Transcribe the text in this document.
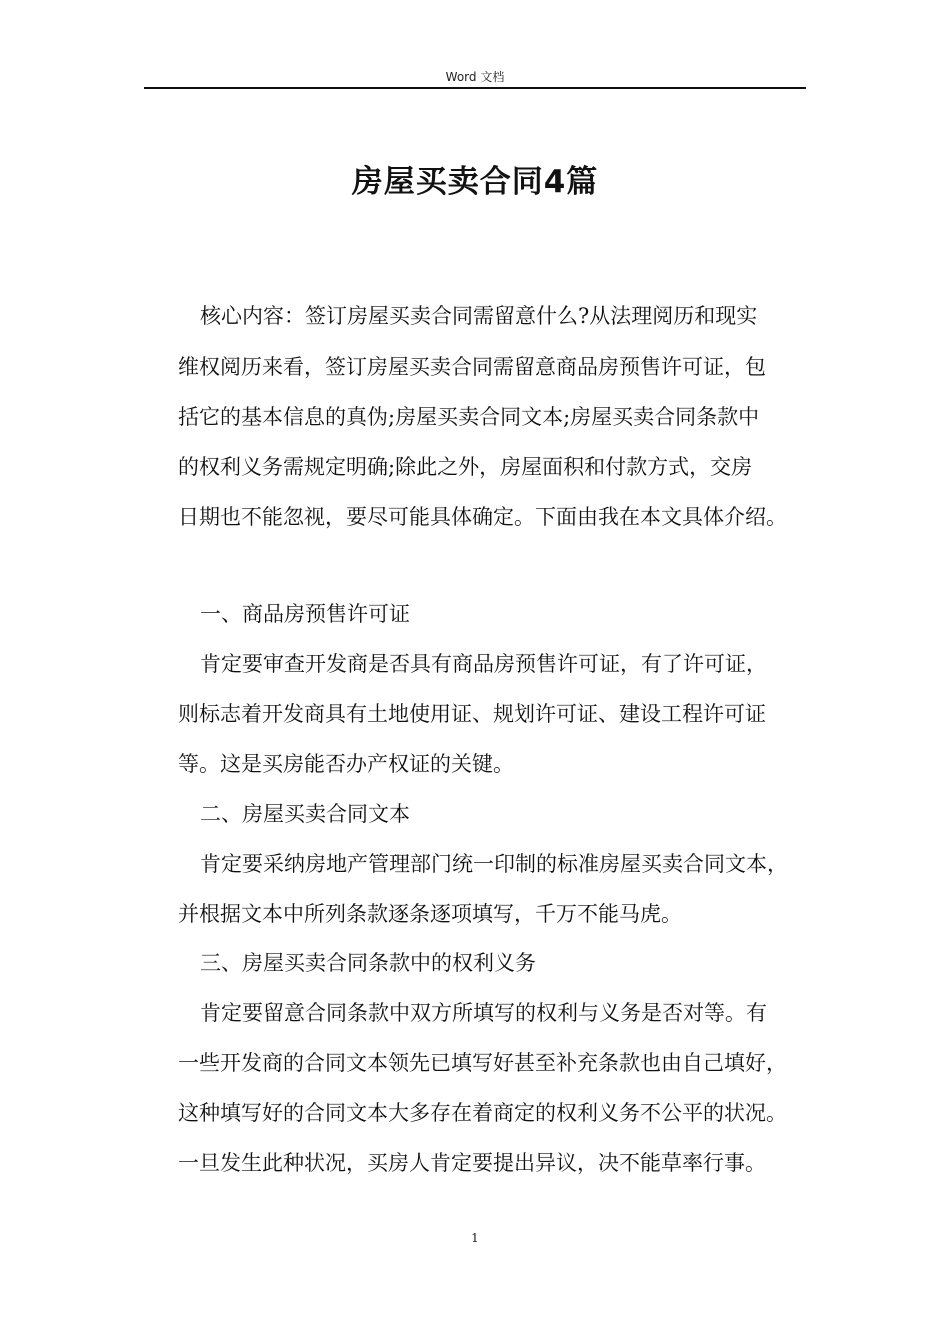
Word 文档
房屋买卖合同4篇
核心内容：签订房屋买卖合同需留意什么?从法理阅历和现实
维权阅历来看，签订房屋买卖合同需留意商品房预售许可证，包
括它的基本信息的真伪;房屋买卖合同文本;房屋买卖合同条款中
的权利义务需规定明确;除此之外，房屋面积和付款方式，交房
日期也不能忽视，要尽可能具体确定。下面由我在本文具体介绍。
一、商品房预售许可证
肯定要审查开发商是否具有商品房预售许可证，有了许可证，
则标志着开发商具有土地使用证、规划许可证、建设工程许可证
等。这是买房能否办产权证的关键。
二、房屋买卖合同文本
肯定要采纳房地产管理部门统一印制的标准房屋买卖合同文本，
并根据文本中所列条款逐条逐项填写，千万不能马虎。
三、房屋买卖合同条款中的权利义务
肯定要留意合同条款中双方所填写的权利与义务是否对等。有
一些开发商的合同文本领先已填写好甚至补充条款也由自己填好，
这种填写好的合同文本大多存在着商定的权利义务不公平的状况。
一旦发生此种状况，买房人肯定要提出异议，决不能草率行事。
1
